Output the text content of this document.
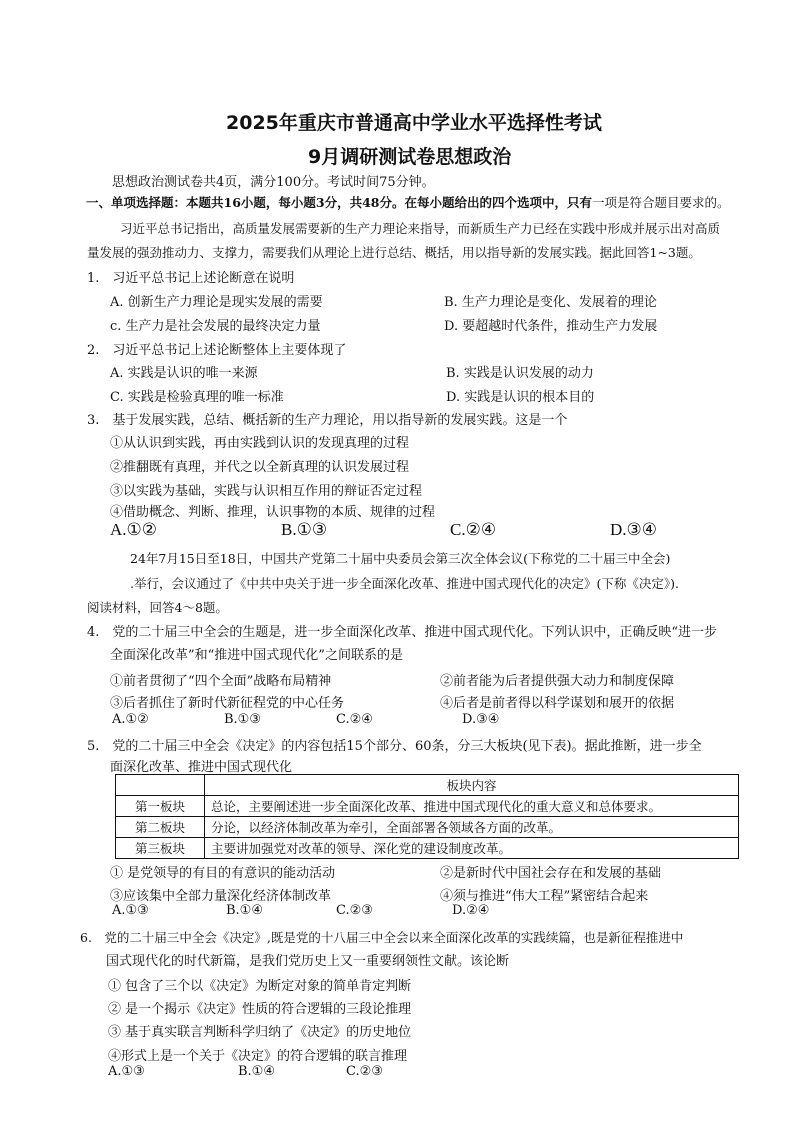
2025年重庆市普通高中学业水平选择性考试
9月调研测试卷思想政治
思想政治测试卷共4页，满分100分。考试时间75分钟。
一、单项选择题：本题共16小题，每小题3分，共48分。在每小题给出的四个选项中，只有一项是符合题目要求的。
习近平总书记指出，高质量发展需要新的生产力理论来指导，而新质生产力已经在实践中形成并展示出对高质
量发展的强劲推动力、支撑力，需要我们从理论上进行总结、概括，用以指导新的发展实践。据此回答1~3题。
1.　习近平总书记上述论断意在说明
A. 创新生产力理论是现实发展的需要	B. 生产力理论是变化、发展着的理论
c. 生产力是社会发展的最终决定力量	D. 要超越时代条件，推动生产力发展
2.　习近平总书记上述论断整体上主要体现了
A. 实践是认识的唯一来源	B. 实践是认识发展的动力
C. 实践是检验真理的唯一标准	D. 实践是认识的根本目的
3.　基于发展实践，总结、概括新的生产力理论，用以指导新的发展实践。这是一个
①从认识到实践，再由实践到认识的发现真理的过程
②推翻既有真理，并代之以全新真理的认识发展过程
③以实践为基础，实践与认识相互作用的辩证否定过程
④借助概念、判断、推理，认识事物的本质、规律的过程
A.①②	B.①③	C.②④	D.③④
24年7月15日至18日，中国共产党第二十届中央委员会第三次全体会议(下称党的二十届三中全会)
.举行，会议通过了《中共中央关于进一步全面深化改革、推进中国式现代化的决定》(下称《决定》).
阅读材料，回答4～8题。
4.　党的二十届三中全会的生题是，进一步全面深化改革、推进中国式现代化。下列认识中，正确反映“进一步
全面深化改革”和“推进中国式现代化”之间联系的是
①前者贯彻了“四个全面”战略布局精神	②前者能为后者提供强大动力和制度保障
③后者抓住了新时代新征程党的中心任务	④后者是前者得以科学谋划和展开的依据
A.①②	B.①③	C.②④	D.③④
5.　党的二十届三中全会《决定》的内容包括15个部分、60条，分三大板块(见下表)。据此推断，进一步全
面深化改革、推进中国式现代化
	板块内容
第一板块	总论，主要阐述进一步全面深化改革、推进中国式现代化的重大意义和总体要求。
第二板块	分论，以经济体制改革为牵引，全面部署各领域各方面的改革。
第三板块	主要讲加强党对改革的领导、深化党的建设制度改革。
① 是党领导的有目的有意识的能动活动	②是新时代中国社会存在和发展的基础
③应该集中全部力量深化经济体制改革	④须与推进“伟大工程”紧密结合起来
A.①③	B.①④	C.②③	D.②④
6.　党的二十届三中全会《决定》,既是党的十八届三中全会以来全面深化改革的实践续篇，也是新征程推进中
国式现代化的时代新篇，是我们党历史上又一重要纲领性文献。该论断
① 包含了三个以《决定》为断定对象的简单肯定判断
② 是一个揭示《决定》性质的符合逻辑的三段论推理
③ 基于真实联言判断科学归纳了《决定》的历史地位
④形式上是一个关于《决定》的符合逻辑的联言推理
A.①③	B.①④	C.②③
